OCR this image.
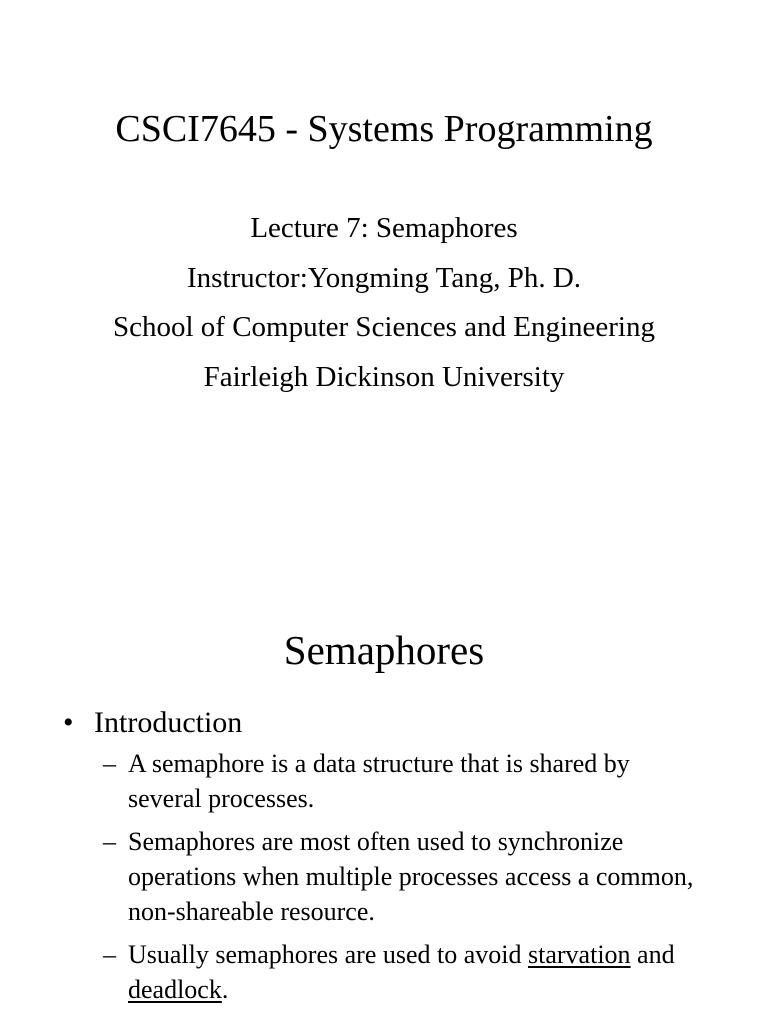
CSCI7645 - Systems Programming
Lecture 7: Semaphores
Instructor:Yongming Tang, Ph. D.
School of Computer Sciences and Engineering
Fairleigh Dickinson University
Semaphores
• Introduction
– A semaphore is a data structure that is shared by several processes.
– Semaphores are most often used to synchronize operations when multiple processes access a common, non-shareable resource.
– Usually semaphores are used to avoid starvation and deadlock.
